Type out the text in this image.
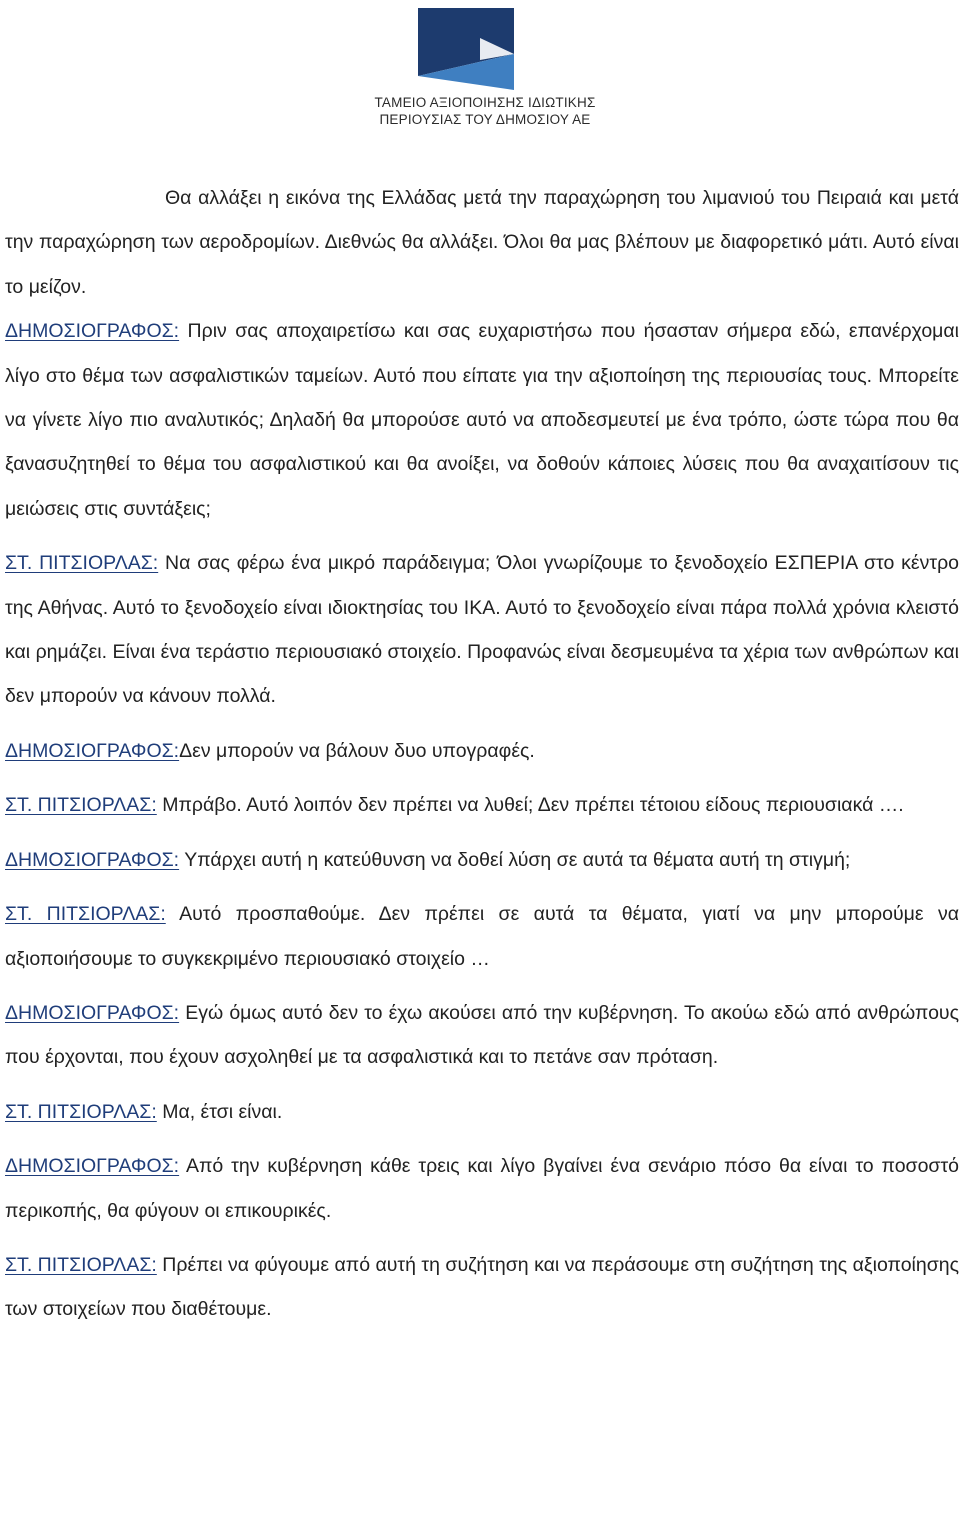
ΤΑΜΕΙΟ ΑΞΙΟΠΟΙΗΣΗΣ ΙΔΙΩΤΙΚΗΣ
ΠΕΡΙΟΥΣΙΑΣ ΤΟΥ ΔΗΜΟΣΙΟΥ ΑΕ

Θα αλλάξει η εικόνα της Ελλάδας μετά την παραχώρηση του λιμανιού του Πειραιά και μετά την παραχώρηση των αεροδρομίων. Διεθνώς θα αλλάξει. Όλοι θα μας βλέπουν με διαφορετικό μάτι. Αυτό είναι το μείζον.

ΔΗΜΟΣΙΟΓΡΑΦΟΣ: Πριν σας αποχαιρετίσω και σας ευχαριστήσω που ήσασταν σήμερα εδώ, επανέρχομαι λίγο στο θέμα των ασφαλιστικών ταμείων. Αυτό που είπατε για την αξιοποίηση της περιουσίας τους. Μπορείτε να γίνετε λίγο πιο αναλυτικός; Δηλαδή θα μπορούσε αυτό να αποδεσμευτεί με ένα τρόπο, ώστε τώρα που θα ξανασυζητηθεί το θέμα του ασφαλιστικού και θα ανοίξει, να δοθούν κάποιες λύσεις που θα αναχαιτίσουν τις μειώσεις στις συντάξεις;

ΣΤ. ΠΙΤΣΙΟΡΛΑΣ: Να σας φέρω ένα μικρό παράδειγμα; Όλοι γνωρίζουμε το ξενοδοχείο ΕΣΠΕΡΙΑ στο κέντρο της Αθήνας. Αυτό το ξενοδοχείο είναι ιδιοκτησίας του ΙΚΑ. Αυτό το ξενοδοχείο είναι πάρα πολλά χρόνια κλειστό και ρημάζει. Είναι ένα τεράστιο περιουσιακό στοιχείο. Προφανώς είναι δεσμευμένα τα χέρια των ανθρώπων και δεν μπορούν να κάνουν πολλά.

ΔΗΜΟΣΙΟΓΡΑΦΟΣ:Δεν μπορούν να βάλουν δυο υπογραφές.

ΣΤ. ΠΙΤΣΙΟΡΛΑΣ: Μπράβο. Αυτό λοιπόν δεν πρέπει να λυθεί; Δεν πρέπει τέτοιου είδους περιουσιακά ….

ΔΗΜΟΣΙΟΓΡΑΦΟΣ: Υπάρχει αυτή η κατεύθυνση να δοθεί λύση σε αυτά τα θέματα αυτή τη στιγμή;

ΣΤ. ΠΙΤΣΙΟΡΛΑΣ: Αυτό προσπαθούμε. Δεν πρέπει σε αυτά τα θέματα, γιατί να μην μπορούμε να αξιοποιήσουμε το συγκεκριμένο περιουσιακό στοιχείο …

ΔΗΜΟΣΙΟΓΡΑΦΟΣ: Εγώ όμως αυτό δεν το έχω ακούσει από την κυβέρνηση. Το ακούω εδώ από ανθρώπους που έρχονται, που έχουν ασχοληθεί με τα ασφαλιστικά και το πετάνε σαν πρόταση.

ΣΤ. ΠΙΤΣΙΟΡΛΑΣ: Μα, έτσι είναι.

ΔΗΜΟΣΙΟΓΡΑΦΟΣ: Από την κυβέρνηση κάθε τρεις και λίγο βγαίνει ένα σενάριο πόσο θα είναι το ποσοστό περικοπής, θα φύγουν οι επικουρικές.

ΣΤ. ΠΙΤΣΙΟΡΛΑΣ: Πρέπει να φύγουμε από αυτή τη συζήτηση και να περάσουμε στη συζήτηση της αξιοποίησης των στοιχείων που διαθέτουμε.
